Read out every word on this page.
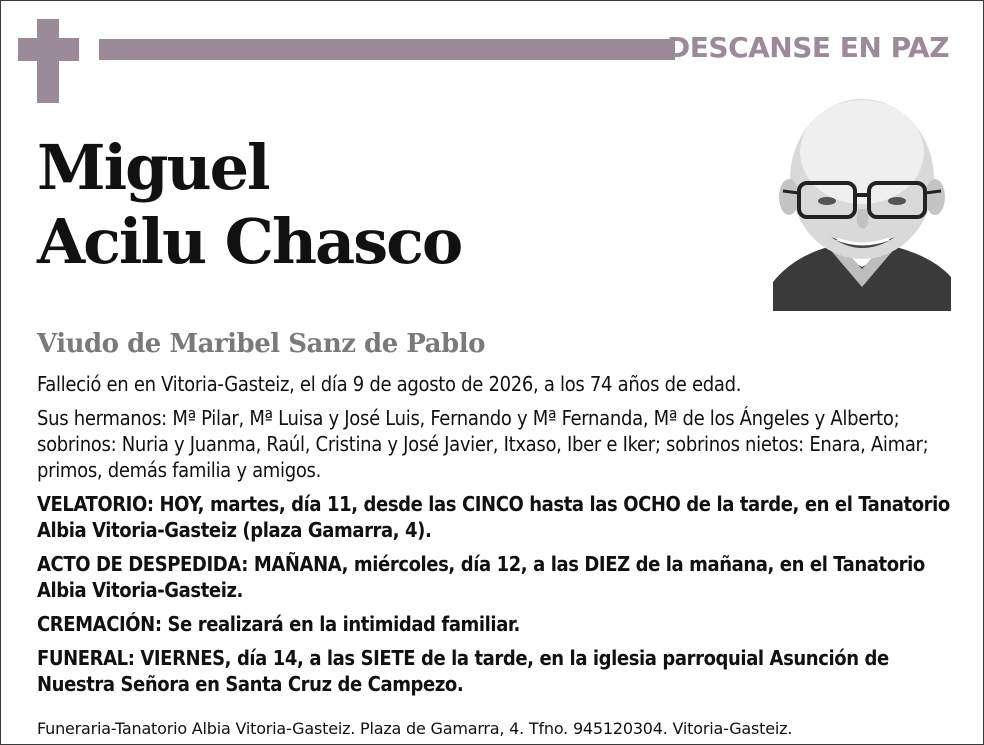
DESCANSE EN PAZ
Miguel
Acilu Chasco
Viudo de Maribel Sanz de Pablo

Falleció en en Vitoria-Gasteiz, el día 9 de agosto de 2026, a los 74 años de edad.

Sus hermanos: Mª Pilar, Mª Luisa y José Luis, Fernando y Mª Fernanda, Mª de los Ángeles y Alberto; sobrinos: Nuria y Juanma, Raúl, Cristina y José Javier, Itxaso, Iber e Iker; sobrinos nietos: Enara, Aimar; primos, demás familia y amigos.

VELATORIO: HOY, martes, día 11, desde las CINCO hasta las OCHO de la tarde, en el Tanatorio Albia Vitoria-Gasteiz (plaza Gamarra, 4).

ACTO DE DESPEDIDA: MAÑANA, miércoles, día 12, a las DIEZ de la mañana, en el Tanatorio Albia Vitoria-Gasteiz.

CREMACIÓN: Se realizará en la intimidad familiar.

FUNERAL: VIERNES, día 14, a las SIETE de la tarde, en la iglesia parroquial Asunción de Nuestra Señora en Santa Cruz de Campezo.

Funeraria-Tanatorio Albia Vitoria-Gasteiz. Plaza de Gamarra, 4. Tfno. 945120304. Vitoria-Gasteiz.
